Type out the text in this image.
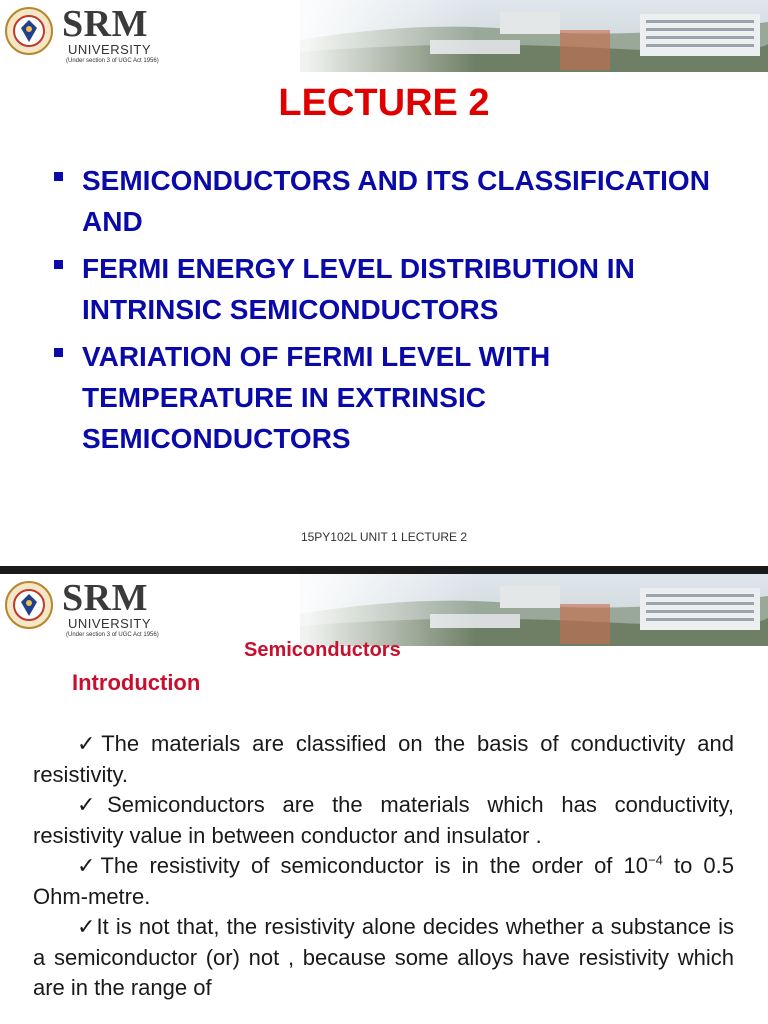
SRM
UNIVERSITY
(Under section 3 of UGC Act 1956)
LECTURE 2
SEMICONDUCTORS AND ITS CLASSIFICATION AND
FERMI ENERGY LEVEL DISTRIBUTION IN INTRINSIC SEMICONDUCTORS
VARIATION OF FERMI LEVEL WITH TEMPERATURE IN EXTRINSIC SEMICONDUCTORS
15PY102L UNIT 1 LECTURE 2
SRM
UNIVERSITY
(Under section 3 of UGC Act 1956)
Semiconductors
Introduction

✓The materials are classified on the basis of conductivity and resistivity.

✓Semiconductors are the materials which has conductivity, resistivity value in between conductor and insulator .

✓The resistivity of semiconductor is in the order of $10^{-4}$ to 0.5 Ohm-metre.

✓It is not that, the resistivity alone decides whether a substance is a semiconductor (or) not , because some alloys have resistivity which are in the range of
